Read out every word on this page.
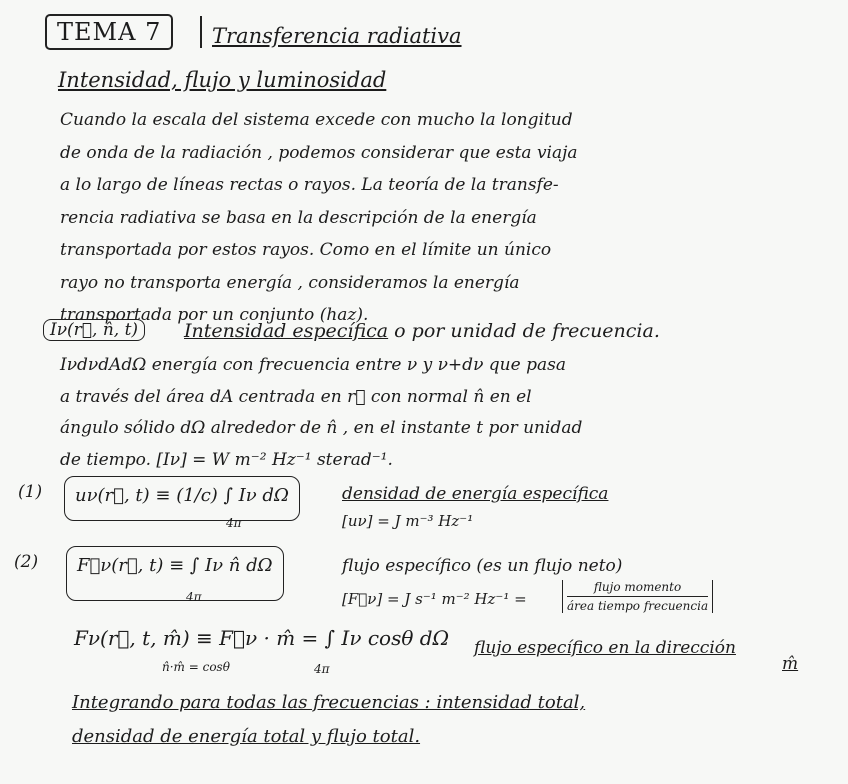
TEMA 7	Transferencia radiativa
Intensidad, flujo y luminosidad
Cuando la escala del sistema excede con mucho la longitud
de onda de la radiación , podemos considerar que esta viaja
a lo largo de líneas rectas o rayos. La teoría de la transfe-
rencia radiativa se basa en la descripción de la energía
transportada por estos rayos. Como en el límite un único
rayo no transporta energía , consideramos la energía
transportada por un conjunto (haz).
Iν(r⃗, n̂, t)	Intensidad específica o por unidad de frecuencia.
IνdνdAdΩ energía con frecuencia entre ν y ν+dν que pasa
a través del área dA centrada en r⃗ con normal n̂ en el
ángulo sólido dΩ alrededor de n̂ , en el instante t por unidad
de tiempo. [Iν] = W m⁻² Hz⁻¹ sterad⁻¹.
(1)	uν(r⃗, t) ≡ (1/c) ∫ Iν dΩ
4π
densidad de energía específica
[uν] = J m⁻³ Hz⁻¹
(2)	F⃗ν(r⃗, t) ≡ ∫ Iν n̂ dΩ
4π
flujo específico (es un flujo neto)
[F⃗ν] = J s⁻¹ m⁻² Hz⁻¹ =
flujo momento
área tiempo frecuencia
Fν(r⃗, t, m̂) ≡ F⃗ν · m̂ = ∫ Iν cosθ dΩ
n̂·m̂ = cosθ	4π
flujo específico en la dirección
m̂
Integrando para todas las frecuencias : intensidad total,
densidad de energía total y flujo total.
